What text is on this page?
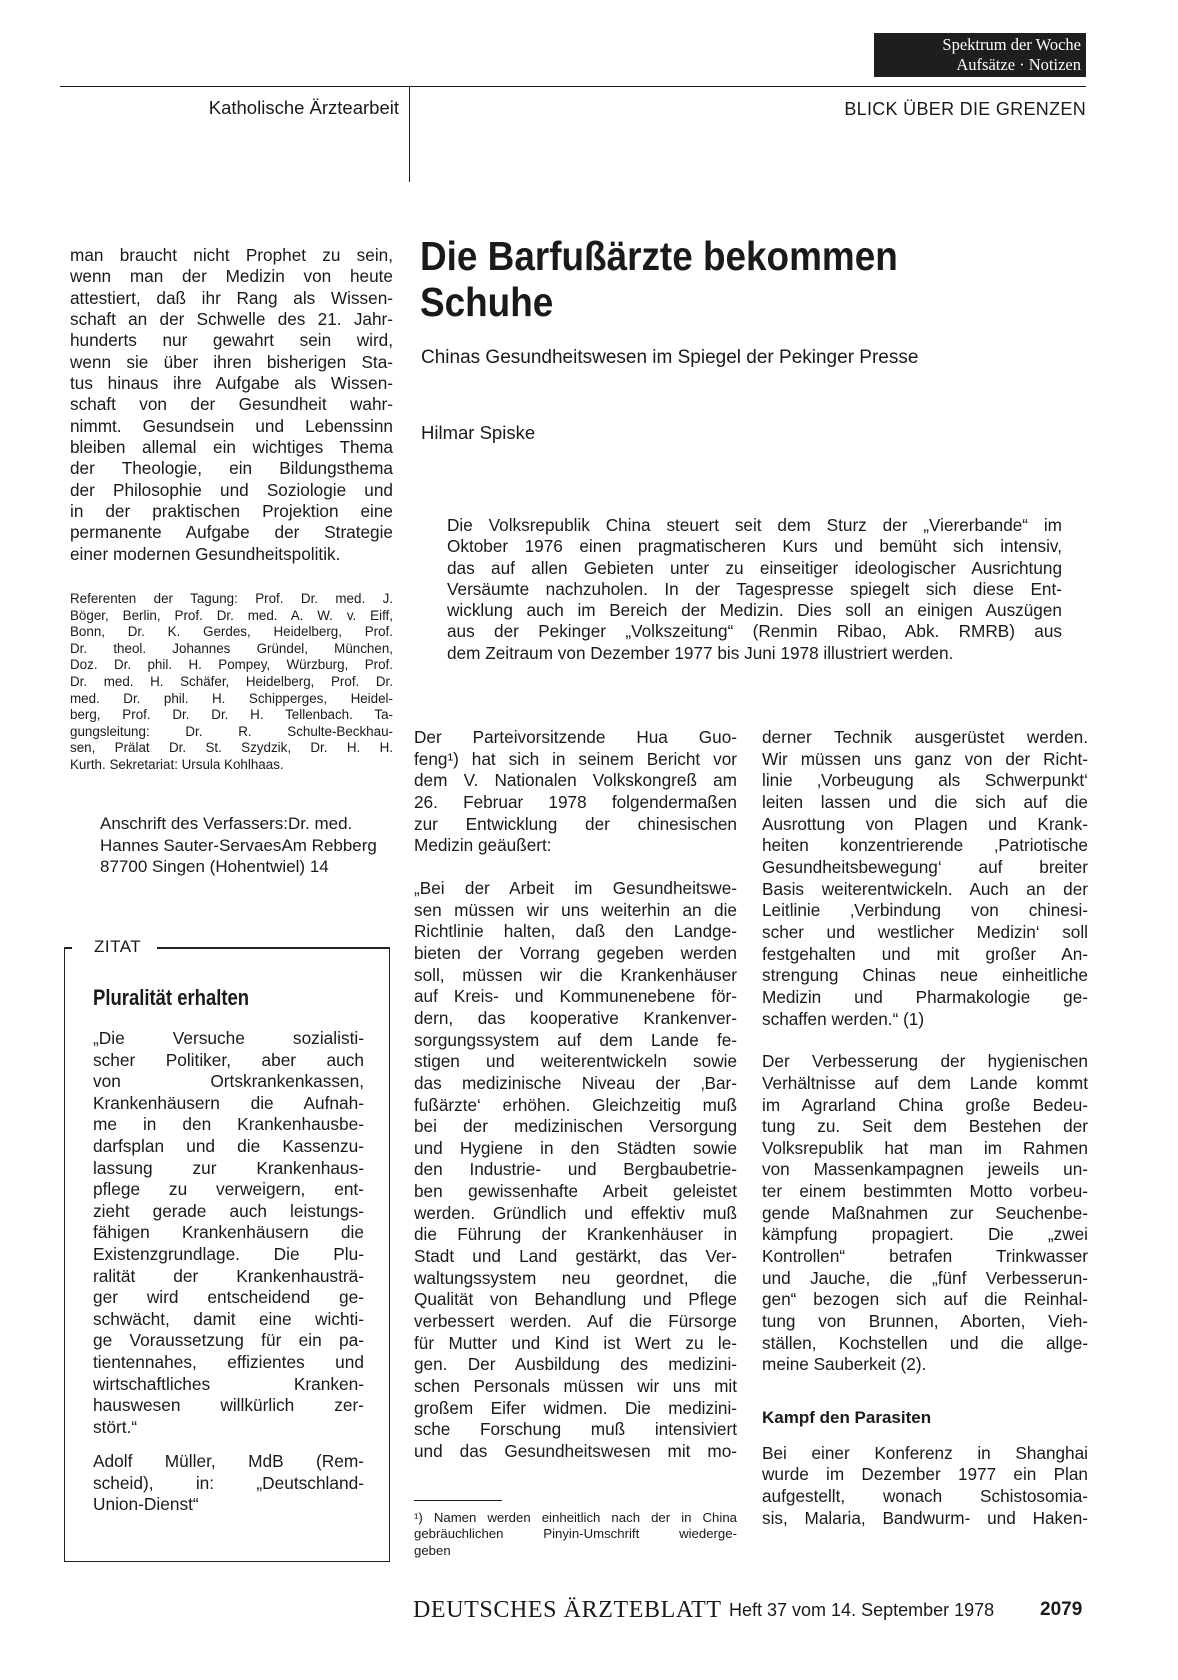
Spektrum der Woche
Aufsätze · Notizen
Katholische Ärztearbeit	BLICK ÜBER DIE GRENZEN
man braucht nicht Prophet zu sein,
wenn man der Medizin von heute
attestiert, daß ihr Rang als Wissen-
schaft an der Schwelle des 21. Jahr-
hunderts nur gewahrt sein wird,
wenn sie über ihren bisherigen Sta-
tus hinaus ihre Aufgabe als Wissen-
schaft von der Gesundheit wahr-
nimmt. Gesundsein und Lebenssinn
bleiben allemal ein wichtiges Thema
der Theologie, ein Bildungsthema
der Philosophie und Soziologie und
in der praktischen Projektion eine
permanente Aufgabe der Strategie
einer modernen Gesundheitspolitik.
Referenten der Tagung: Prof. Dr. med. J.
Böger, Berlin, Prof. Dr. med. A. W. v. Eiff,
Bonn, Dr. K. Gerdes, Heidelberg, Prof.
Dr. theol. Johannes Gründel, München,
Doz. Dr. phil. H. Pompey, Würzburg, Prof.
Dr. med. H. Schäfer, Heidelberg, Prof. Dr.
med. Dr. phil. H. Schipperges, Heidel-
berg, Prof. Dr. Dr. H. Tellenbach. Ta-
gungsleitung: Dr. R. Schulte-Beckhau-
sen, Prälat Dr. St. Szydzik, Dr. H. H.
Kurth. Sekretariat: Ursula Kohlhaas.
Anschrift des Verfassers:Dr. med. Hannes Sauter-ServaesAm Rebberg 87700 Singen (Hohentwiel) 14
ZITAT
Pluralität erhalten
„Die Versuche sozialisti-
scher Politiker, aber auch
von Ortskrankenkassen,
Krankenhäusern die Aufnah-
me in den Krankenhausbe-
darfsplan und die Kassenzu-
lassung zur Krankenhaus-
pflege zu verweigern, ent-
zieht gerade auch leistungs-
fähigen Krankenhäusern die
Existenzgrundlage. Die Plu-
ralität der Krankenhausträ-
ger wird entscheidend ge-
schwächt, damit eine wichti-
ge Voraussetzung für ein pa-
tientennahes, effizientes und
wirtschaftliches Kranken-
hauswesen willkürlich zer-
stört.“
Adolf Müller, MdB (Rem-
scheid), in: „Deutschland-
Union-Dienst“
Die Barfußärzte bekommen
Schuhe
Chinas Gesundheitswesen im Spiegel der Pekinger Presse
Hilmar Spiske
Die Volksrepublik China steuert seit dem Sturz der „Viererbande“ im
Oktober 1976 einen pragmatischeren Kurs und bemüht sich intensiv,
das auf allen Gebieten unter zu einseitiger ideologischer Ausrichtung
Versäumte nachzuholen. In der Tagespresse spiegelt sich diese Ent-
wicklung auch im Bereich der Medizin. Dies soll an einigen Auszügen
aus der Pekinger „Volkszeitung“ (Renmin Ribao, Abk. RMRB) aus
dem Zeitraum von Dezember 1977 bis Juni 1978 illustriert werden.
Der Parteivorsitzende Hua Guo-
feng¹) hat sich in seinem Bericht vor
dem V. Nationalen Volkskongreß am
26. Februar 1978 folgendermaßen
zur Entwicklung der chinesischen
Medizin geäußert:
„Bei der Arbeit im Gesundheitswe-
sen müssen wir uns weiterhin an die
Richtlinie halten, daß den Landge-
bieten der Vorrang gegeben werden
soll, müssen wir die Krankenhäuser
auf Kreis- und Kommunenebene för-
dern, das kooperative Krankenver-
sorgungssystem auf dem Lande fe-
stigen und weiterentwickeln sowie
das medizinische Niveau der ‚Bar-
fußärzte‘ erhöhen. Gleichzeitig muß
bei der medizinischen Versorgung
und Hygiene in den Städten sowie
den Industrie- und Bergbaubetrie-
ben gewissenhafte Arbeit geleistet
werden. Gründlich und effektiv muß
die Führung der Krankenhäuser in
Stadt und Land gestärkt, das Ver-
waltungssystem neu geordnet, die
Qualität von Behandlung und Pflege
verbessert werden. Auf die Fürsorge
für Mutter und Kind ist Wert zu le-
gen. Der Ausbildung des medizini-
schen Personals müssen wir uns mit
großem Eifer widmen. Die medizini-
sche Forschung muß intensiviert
und das Gesundheitswesen mit mo-
derner Technik ausgerüstet werden.
Wir müssen uns ganz von der Richt-
linie ‚Vorbeugung als Schwerpunkt‘
leiten lassen und die sich auf die
Ausrottung von Plagen und Krank-
heiten konzentrierende ‚Patriotische
Gesundheitsbewegung‘ auf breiter
Basis weiterentwickeln. Auch an der
Leitlinie ‚Verbindung von chinesi-
scher und westlicher Medizin‘ soll
festgehalten und mit großer An-
strengung Chinas neue einheitliche
Medizin und Pharmakologie ge-
schaffen werden.“ (1)
Der Verbesserung der hygienischen
Verhältnisse auf dem Lande kommt
im Agrarland China große Bedeu-
tung zu. Seit dem Bestehen der
Volksrepublik hat man im Rahmen
von Massenkampagnen jeweils un-
ter einem bestimmten Motto vorbeu-
gende Maßnahmen zur Seuchenbe-
kämpfung propagiert. Die „zwei
Kontrollen“ betrafen Trinkwasser
und Jauche, die „fünf Verbesserun-
gen“ bezogen sich auf die Reinhal-
tung von Brunnen, Aborten, Vieh-
ställen, Kochstellen und die allge-
meine Sauberkeit (2).
Kampf den Parasiten
Bei einer Konferenz in Shanghai
wurde im Dezember 1977 ein Plan
aufgestellt, wonach Schistosomia-
sis, Malaria, Bandwurm- und Haken-
¹) Namen werden einheitlich nach der in China
gebräuchlichen Pinyin-Umschrift wiederge-
geben
DEUTSCHES ÄRZTEBLATT Heft 37 vom 14. September 1978 2079
